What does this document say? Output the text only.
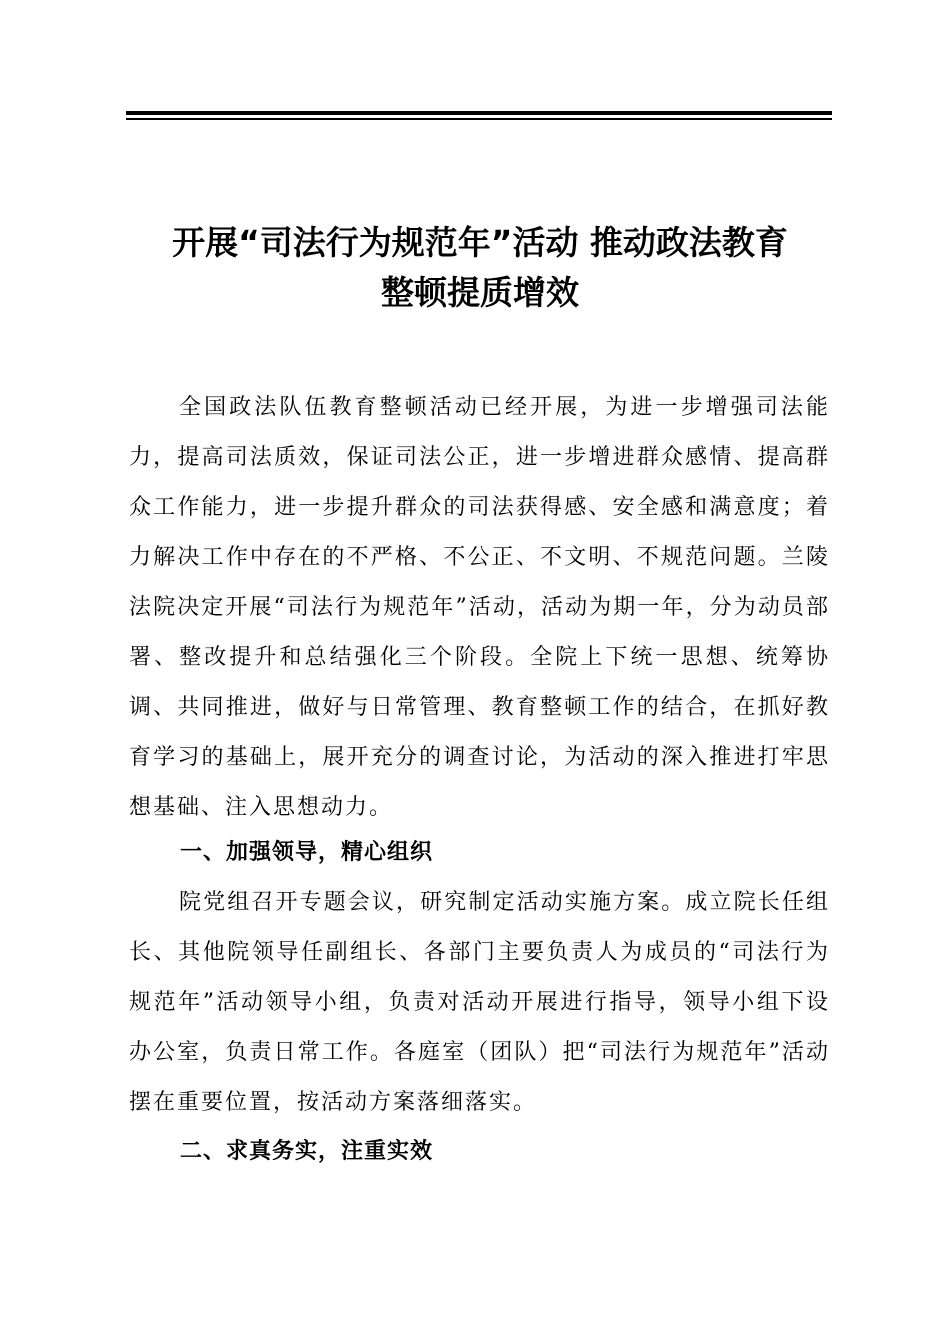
开展“司法行为规范年”活动 推动政法教育
整顿提质增效

全国政法队伍教育整顿活动已经开展，为进一步增强司法能力，提高司法质效，保证司法公正，进一步增进群众感情、提高群众工作能力，进一步提升群众的司法获得感、安全感和满意度；着力解决工作中存在的不严格、不公正、不文明、不规范问题。兰陵法院决定开展“司法行为规范年”活动，活动为期一年，分为动员部署、整改提升和总结强化三个阶段。全院上下统一思想、统筹协调、共同推进，做好与日常管理、教育整顿工作的结合，在抓好教育学习的基础上，展开充分的调查讨论，为活动的深入推进打牢思想基础、注入思想动力。

一、加强领导，精心组织

院党组召开专题会议，研究制定活动实施方案。成立院长任组长、其他院领导任副组长、各部门主要负责人为成员的“司法行为规范年”活动领导小组，负责对活动开展进行指导，领导小组下设办公室，负责日常工作。各庭室（团队）把“司法行为规范年”活动摆在重要位置，按活动方案落细落实。

二、求真务实，注重实效
